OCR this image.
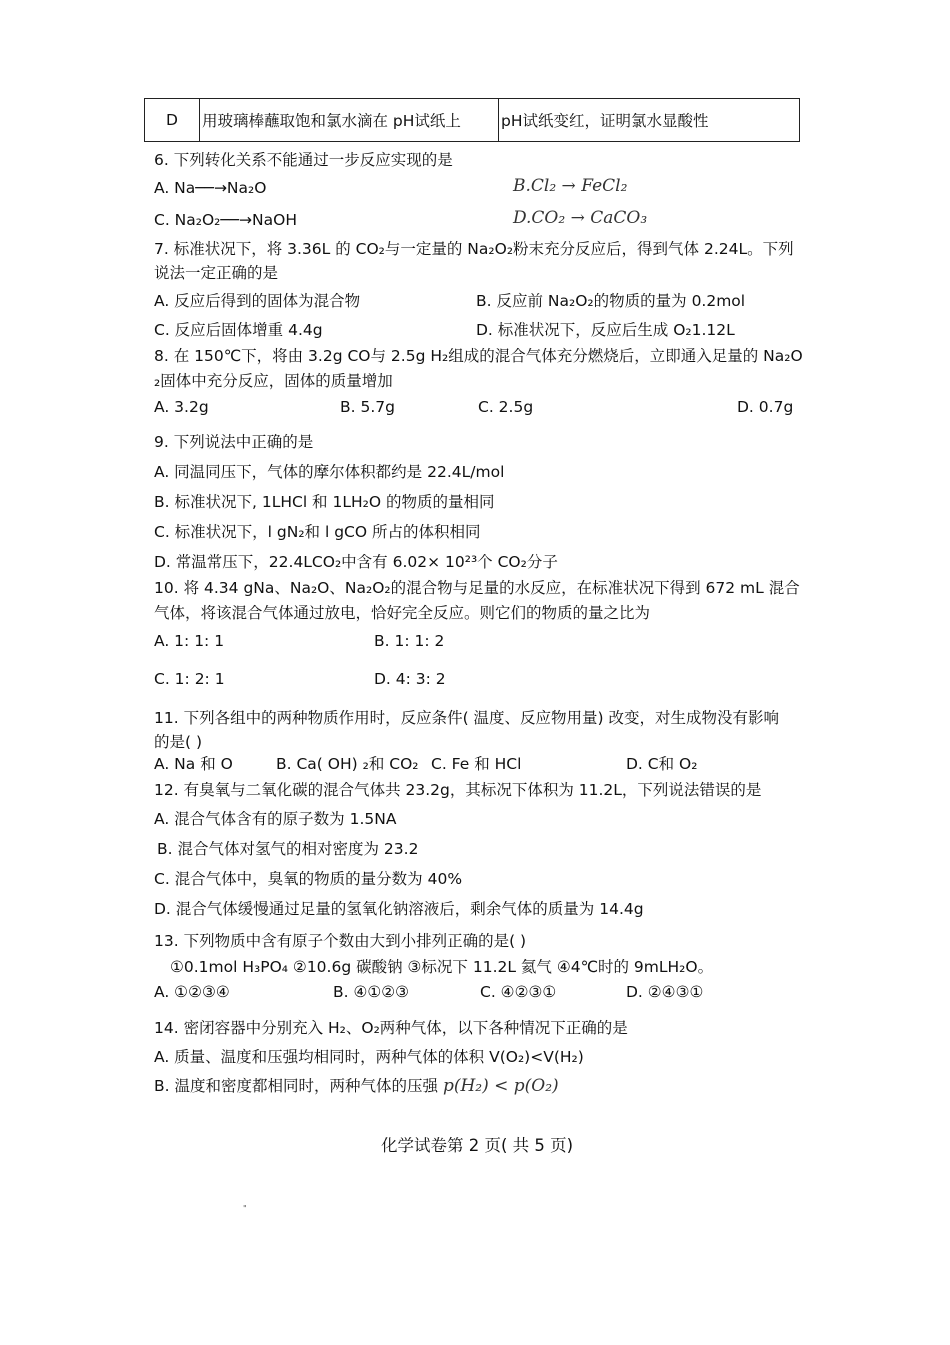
D	用玻璃棒蘸取饱和氯水滴在 pH试纸上	pH试纸变红，证明氯水显酸性
6. 下列转化关系不能通过一步反应实现的是
A. Na──→Na₂O	B.Cl₂ → FeCl₂
C. Na₂O₂──→NaOH	D.CO₂ → CaCO₃
7. 标准状况下，将 3.36L 的 CO₂与一定量的 Na₂O₂粉末充分反应后，得到气体 2.24L。下列
说法一定正确的是
A. 反应后得到的固体为混合物	B. 反应前 Na₂O₂的物质的量为 0.2mol
C. 反应后固体增重 4.4g	D. 标准状况下，反应后生成 O₂1.12L
8. 在 150℃下，将由 3.2g CO与 2.5g H₂组成的混合气体充分燃烧后，立即通入足量的 Na₂O
₂固体中充分反应，固体的质量增加
A. 3.2g	B. 5.7g	C. 2.5g	D. 0.7g
9. 下列说法中正确的是
A. 同温同压下，气体的摩尔体积都约是 22.4L/mol
B. 标准状况下, 1LHCl 和 1LH₂O 的物质的量相同
C. 标准状况下，l gN₂和 l gCO 所占的体积相同
D. 常温常压下，22.4LCO₂中含有 6.02× 10²³个 CO₂分子
10. 将 4.34 gNa、Na₂O、Na₂O₂的混合物与足量的水反应，在标准状况下得到 672 mL 混合
气体，将该混合气体通过放电，恰好完全反应。则它们的物质的量之比为
A. 1: 1: 1	B. 1: 1: 2
C. 1: 2: 1	D. 4: 3: 2
11. 下列各组中的两种物质作用时，反应条件( 温度、反应物用量) 改变，对生成物没有影响
的是( )
A. Na 和 O	B. Ca( OH) ₂和 CO₂ C. Fe 和 HCl	D. C和 O₂
12. 有臭氧与二氧化碳的混合气体共 23.2g，其标况下体积为 11.2L，下列说法错误的是
A. 混合气体含有的原子数为 1.5NA
B. 混合气体对氢气的相对密度为 23.2
C. 混合气体中，臭氧的物质的量分数为 40%
D. 混合气体缓慢通过足量的氢氧化钠溶液后，剩余气体的质量为 14.4g
13. 下列物质中含有原子个数由大到小排列正确的是( )
①0.1mol H₃PO₄ ②10.6g 碳酸钠 ③标况下 11.2L 氦气 ④4℃时的 9mLH₂O。
A. ①②③④	B. ④①②③	C. ④②③①	D. ②④③①
14. 密闭容器中分别充入 H₂、O₂两种气体，以下各种情况下正确的是
A. 质量、温度和压强均相同时，两种气体的体积 V(O₂)<V(H₂)
B. 温度和密度都相同时，两种气体的压强 p(H₂) < p(O₂)
化学试卷第 2 页( 共 5 页)
"
